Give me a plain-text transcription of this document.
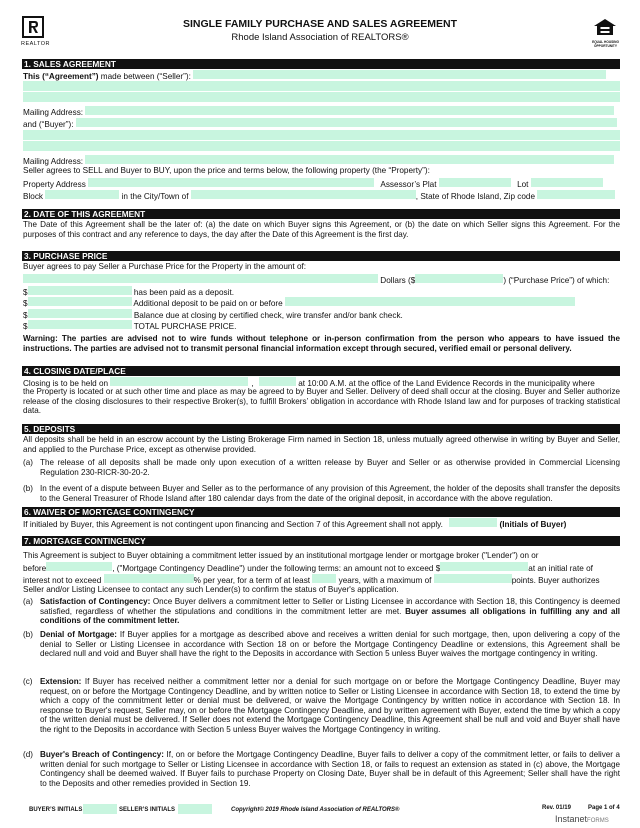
REALTOR
SINGLE FAMILY PURCHASE AND SALES AGREEMENT
Rhode Island Association of REALTORS®	EQUAL HOUSING OPPORTUNITY
1. SALES AGREEMENT
This (“Agreement”) made between (“Seller”):
Mailing Address:
and (“Buyer”):
Mailing Address:
Seller agrees to SELL and Buyer to BUY, upon the price and terms below, the following property (the “Property”):
Property Address	Assessor’s Plat	Lot
Block	in the City/Town of	, State of Rhode Island, Zip code
2. DATE OF THIS AGREEMENT
The Date of this Agreement shall be the later of: (a) the date on which Buyer signs this Agreement, or (b) the date on which Seller signs this Agreement. For the purposes of this contract and any reference to days, the day after the Date of this Agreement is the first day.
3. PURCHASE PRICE
Buyer agrees to pay Seller a Purchase Price for the Property in the amount of:
Dollars ($	) (“Purchase Price”) of which:
$	has been paid as a deposit.
$	Additional deposit to be paid on or before
$	Balance due at closing by certified check, wire transfer and/or bank check.
$	TOTAL PURCHASE PRICE.
Warning: The parties are advised not to wire funds without telephone or in-person confirmation from the person who appears to have issued the instructions. The parties are advised not to transmit personal financial information except through secured, verified email or personal delivery.
4. CLOSING DATE/PLACE
Closing is to be held on	,	at 10:00 A.M. at the office of the Land Evidence Records in the municipality where
the Property is located or at such other time and place as may be agreed to by Buyer and Seller. Delivery of deed shall occur at the closing. Buyer and Seller authorize release of the closing disclosures to their respective Broker(s), to fulfill Brokers’ obligation in accordance with Rhode Island law and for purposes of tracking statistical data.
5. DEPOSITS
All deposits shall be held in an escrow account by the Listing Brokerage Firm named in Section 18, unless mutually agreed otherwise in writing by Buyer and Seller, and applied to the Purchase Price, except as otherwise provided.
(a) The release of all deposits shall be made only upon execution of a written release by Buyer and Seller or as otherwise provided in Commercial Licensing Regulation 230-RICR-30-20-2.
(b) In the event of a dispute between Buyer and Seller as to the performance of any provision of this Agreement, the holder of the deposits shall transfer the deposits to the General Treasurer of Rhode Island after 180 calendar days from the date of the original deposit, in accordance with the above regulation.
6. WAIVER OF MORTGAGE CONTINGENCY
If initialed by Buyer, this Agreement is not contingent upon financing and Section 7 of this Agreement shall not apply.	(Initials of Buyer)
7. MORTGAGE CONTINGENCY
This Agreement is subject to Buyer obtaining a commitment letter issued by an institutional mortgage lender or mortgage broker ("Lender") on or
before	, ("Mortgage Contingency Deadline") under the following terms: an amount not to exceed $	at an initial rate of
interest not to exceed	% per year, for a term of at least	years, with a maximum of	points. Buyer authorizes
Seller and/or Listing Licensee to contact any such Lender(s) to confirm the status of Buyer's application.
(a) Satisfaction of Contingency: Once Buyer delivers a commitment letter to Seller or Listing Licensee in accordance with Section 18, this Contingency is deemed satisfied, regardless of whether the stipulations and conditions in the commitment letter are met. Buyer assumes all obligations in fulfilling any and all conditions of the commitment letter.
(b) Denial of Mortgage: If Buyer applies for a mortgage as described above and receives a written denial for such mortgage, then, upon delivering a copy of the denial to Seller or Listing Licensee in accordance with Section 18 on or before the Mortgage Contingency Deadline or extensions, this Agreement shall be declared null and void and Buyer shall have the right to the Deposits in accordance with Section 5 unless Buyer waives the mortgage contingency in writing.
(c) Extension: If Buyer has received neither a commitment letter nor a denial for such mortgage on or before the Mortgage Contingency Deadline, Buyer may request, on or before the Mortgage Contingency Deadline, and by written notice to Seller or Listing Licensee in accordance with Section 18, to extend the time by which a copy of the commitment letter or denial must be delivered, or waive the Mortgage Contingency by written notice in accordance with Section 18. In response to Buyer's request, Seller may, on or before the Mortgage Contingency Deadline, and by written agreement with Buyer, extend the time by which a copy of the written denial must be delivered. If Seller does not extend the Mortgage Contingency Deadline, this Agreement shall be null and void and Buyer shall have the right to the Deposits in accordance with Section 5 unless Buyer waives the Mortgage Contingency in writing.
(d) Buyer's Breach of Contingency: If, on or before the Mortgage Contingency Deadline, Buyer fails to deliver a copy of the commitment letter, or fails to deliver a written denial for such mortgage to Seller or Listing Licensee in accordance with Section 18, or fails to request an extension as stated in (c) above, the Mortgage Contingency shall be deemed waived. If Buyer fails to purchase Property on Closing Date, Buyer shall be in default of this Agreement; Seller shall have the right to the Deposits and other remedies provided in Section 19.
BUYER’S INITIALS	SELLER’S INITIALS	Copyright© 2019 Rhode Island Association of REALTORS®	Rev. 01/19	Page 1 of 4
InstanetFORMS
